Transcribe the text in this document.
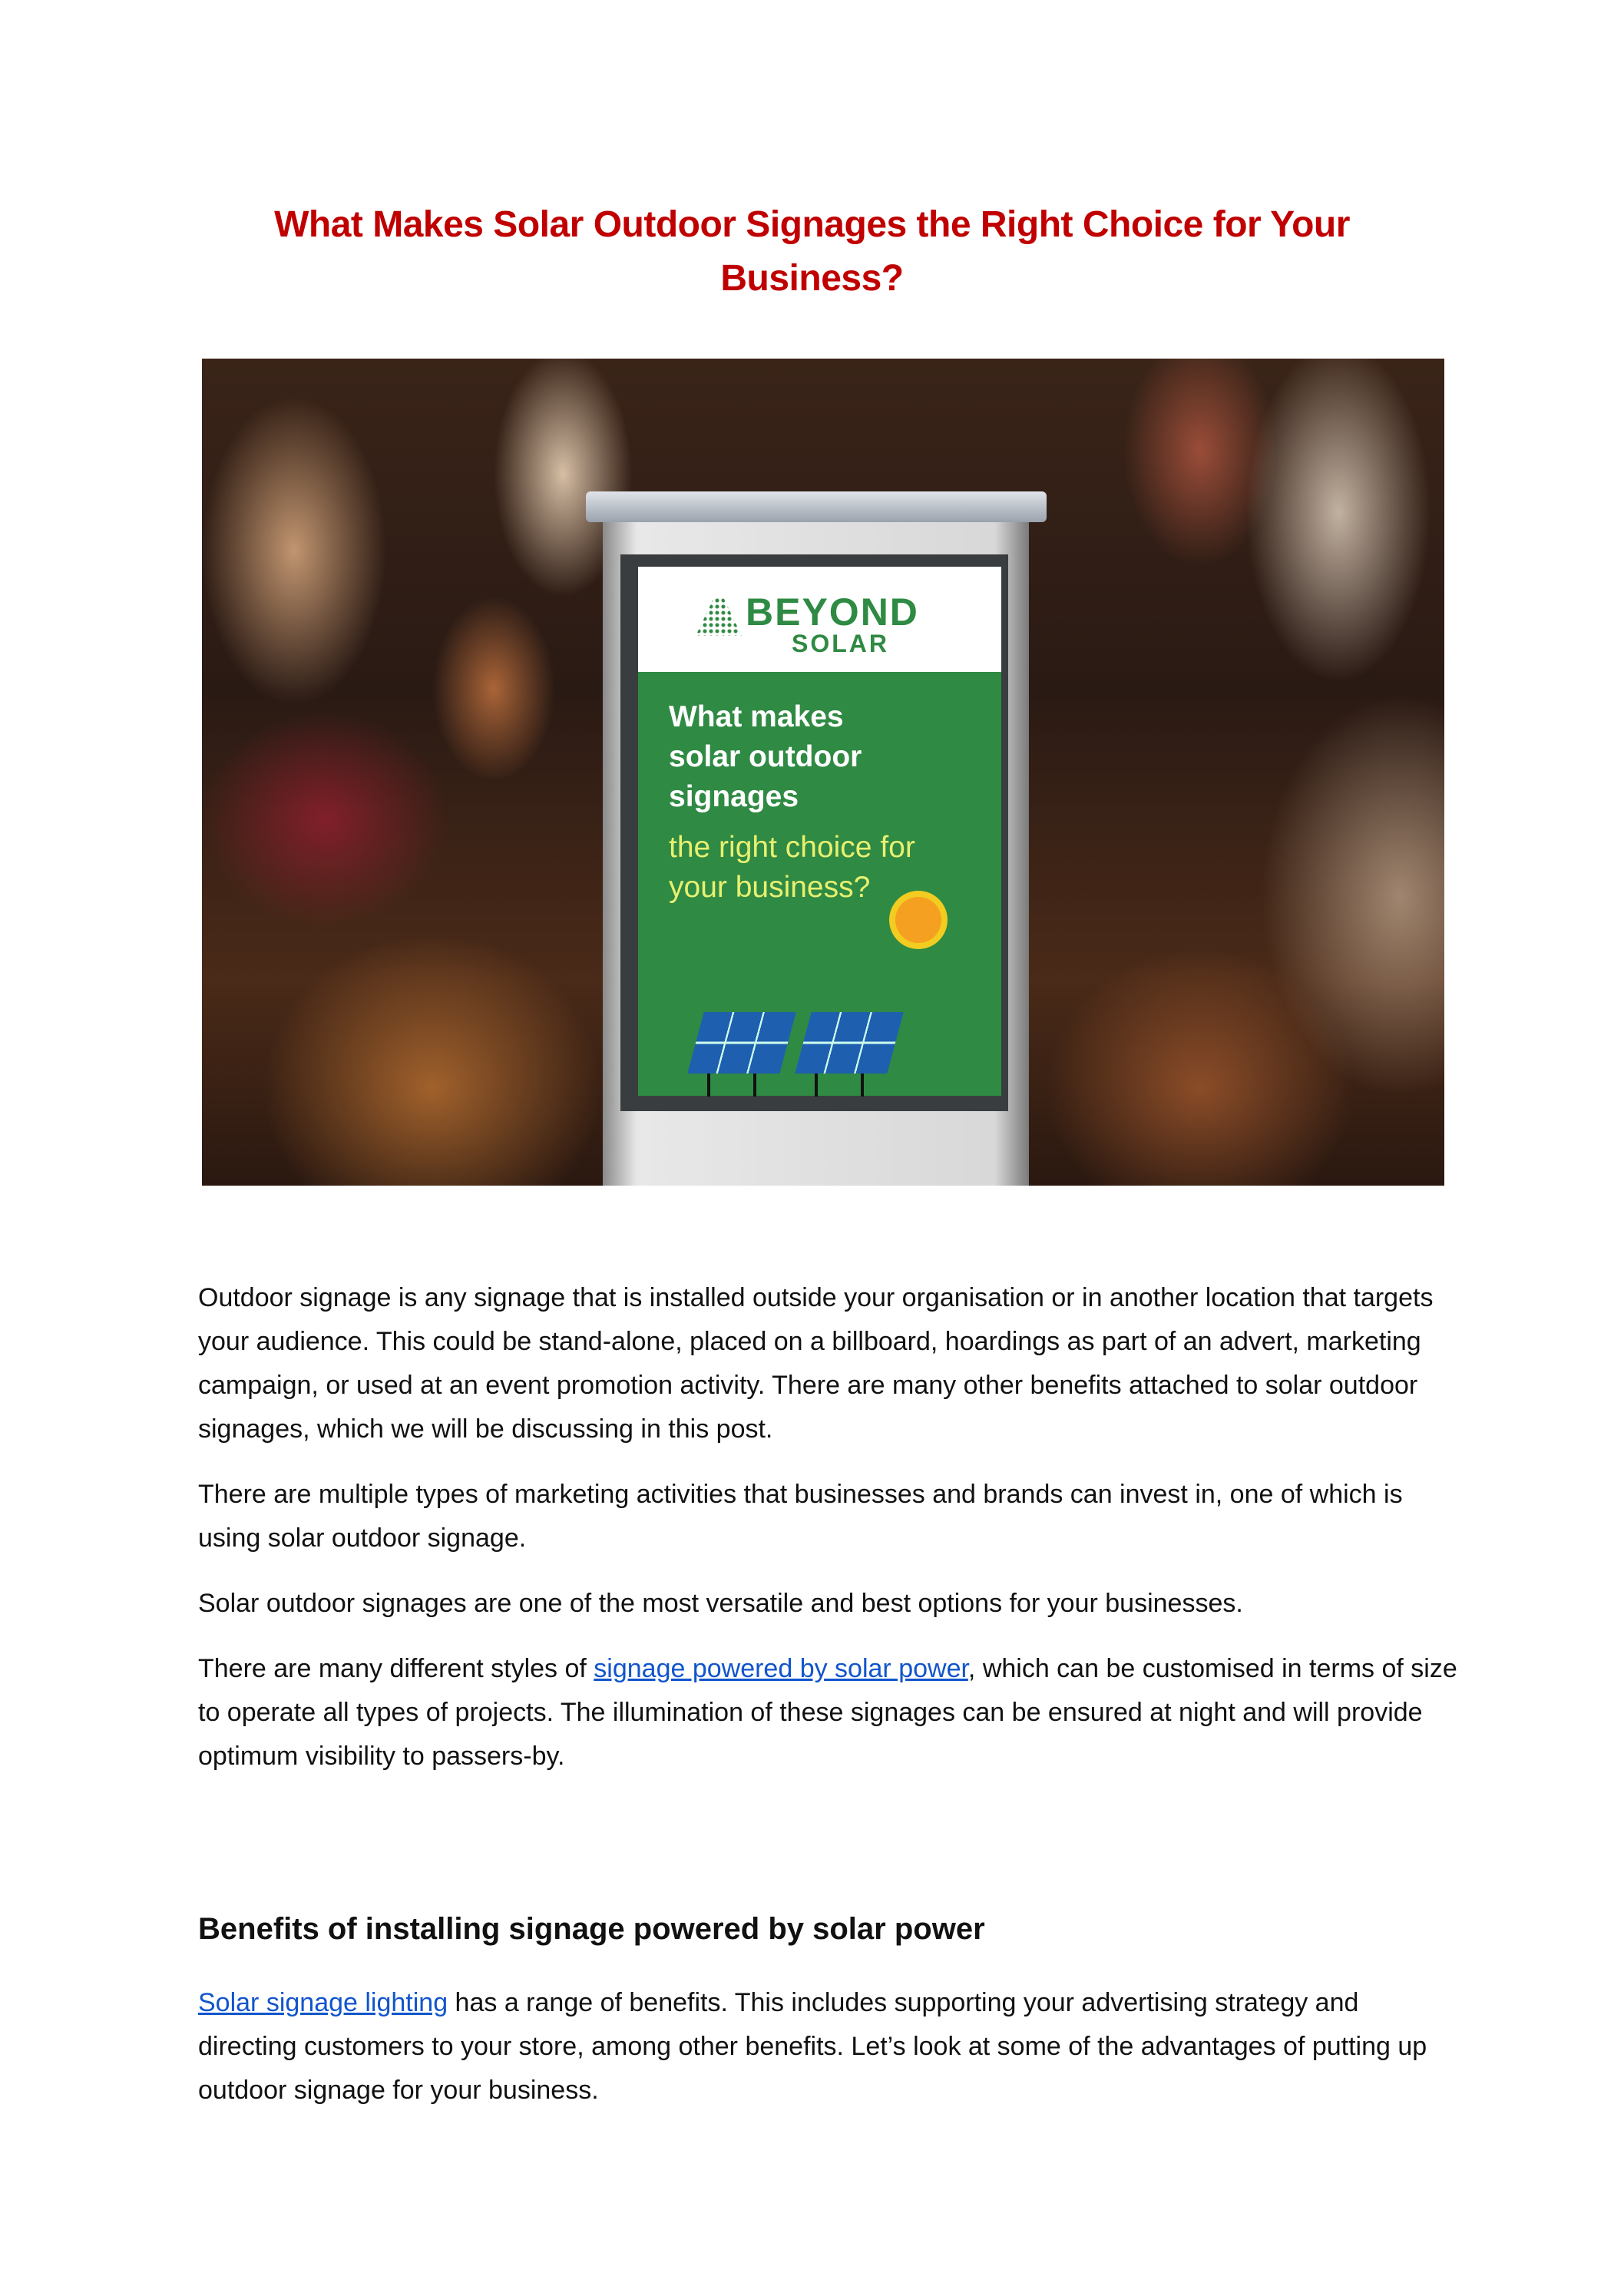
What Makes Solar Outdoor Signages the Right Choice for Your Business?
BEYOND
SOLAR
What makes solar outdoor signages
the right choice for your business?

Outdoor signage is any signage that is installed outside your organisation or in another location that targets your audience. This could be stand-alone, placed on a billboard, hoardings as part of an advert, marketing campaign, or used at an event promotion activity. There are many other benefits attached to solar outdoor signages, which we will be discussing in this post.

There are multiple types of marketing activities that businesses and brands can invest in, one of which is using solar outdoor signage.

Solar outdoor signages are one of the most versatile and best options for your businesses.

There are many different styles of signage powered by solar power, which can be customised in terms of size to operate all types of projects. The illumination of these signages can be ensured at night and will provide optimum visibility to passers-by.

Benefits of installing signage powered by solar power

Solar signage lighting has a range of benefits. This includes supporting your advertising strategy and directing customers to your store, among other benefits. Let’s look at some of the advantages of putting up outdoor signage for your business.
